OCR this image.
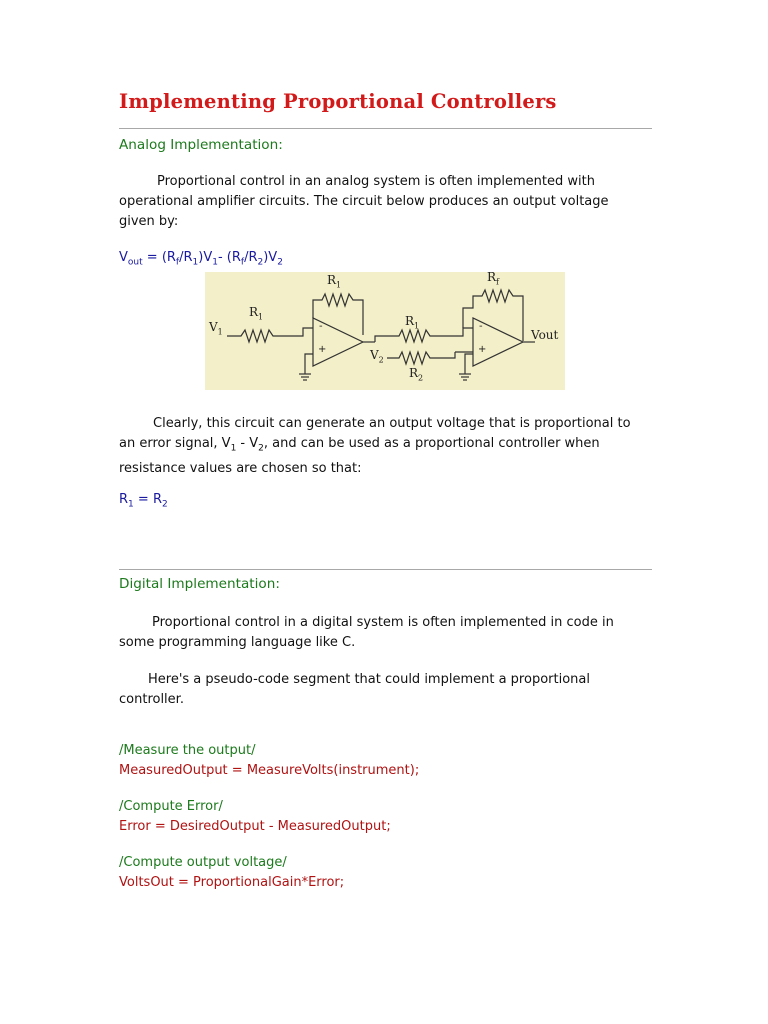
Implementing Proportional Controllers
Analog Implementation:
Proportional control in an analog system is often implemented with
operational amplifier circuits. The circuit below produces an output voltage
given by:
$V_{out} = (R_f/R_1)V_1-$ $(R_f/R_2)V_2$
$V_1$
$R_1$
$R_1$
-
+
$R_1$
$V_2$
$R_2$
$R_f$
-
+
Vout
Clearly, this circuit can generate an output voltage that is proportional to
an error signal, $V_1 - V_2$, and can be used as a proportional controller when
resistance values are chosen so that:
$R_1 = R_2$
Digital Implementation:
Proportional control in a digital system is often implemented in code in
some programming language like C.
Here's a pseudo-code segment that could implement a proportional
controller.
/Measure the output/
MeasuredOutput = MeasureVolts(instrument);
/Compute Error/
Error = DesiredOutput - MeasuredOutput;
/Compute output voltage/
VoltsOut = ProportionalGain*Error;
